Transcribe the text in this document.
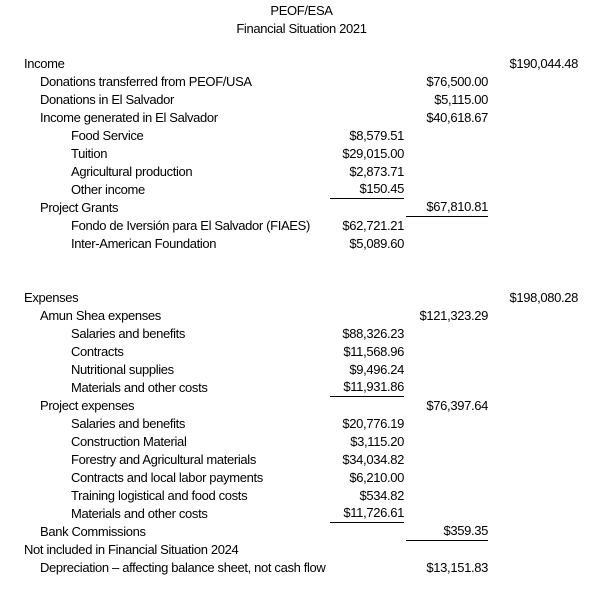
PEOF/ESA
Financial Situation 2021
Income	$190,044.48
Donations transferred from PEOF/USA	$76,500.00
Donations in El Salvador	$5,115.00
Income generated in El Salvador	$40,618.67
Food Service	$8,579.51
Tuition	$29,015.00
Agricultural production	$2,873.71
Other income	$150.45
Project Grants	$67,810.81
Fondo de Iversión para El Salvador (FIAES)	$62,721.21
Inter-American Foundation	$5,089.60
Expenses	$198,080.28
Amun Shea expenses	$121,323.29
Salaries and benefits	$88,326.23
Contracts	$11,568.96
Nutritional supplies	$9,496.24
Materials and other costs	$11,931.86
Project expenses	$76,397.64
Salaries and benefits	$20,776.19
Construction Material	$3,115.20
Forestry and Agricultural materials	$34,034.82
Contracts and local labor payments	$6,210.00
Training logistical and food costs	$534.82
Materials and other costs	$11,726.61
Bank Commissions	$359.35
Not included in Financial Situation 2024
Depreciation – affecting balance sheet, not cash flow	$13,151.83
